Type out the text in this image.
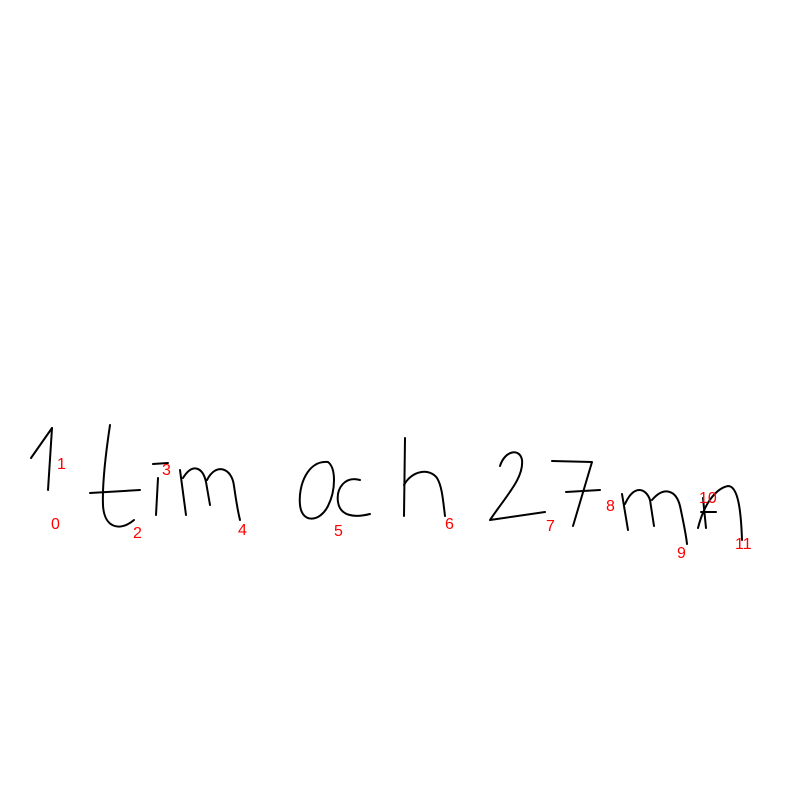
0
1
2
3
4	5	6	7
8
9
10
11
